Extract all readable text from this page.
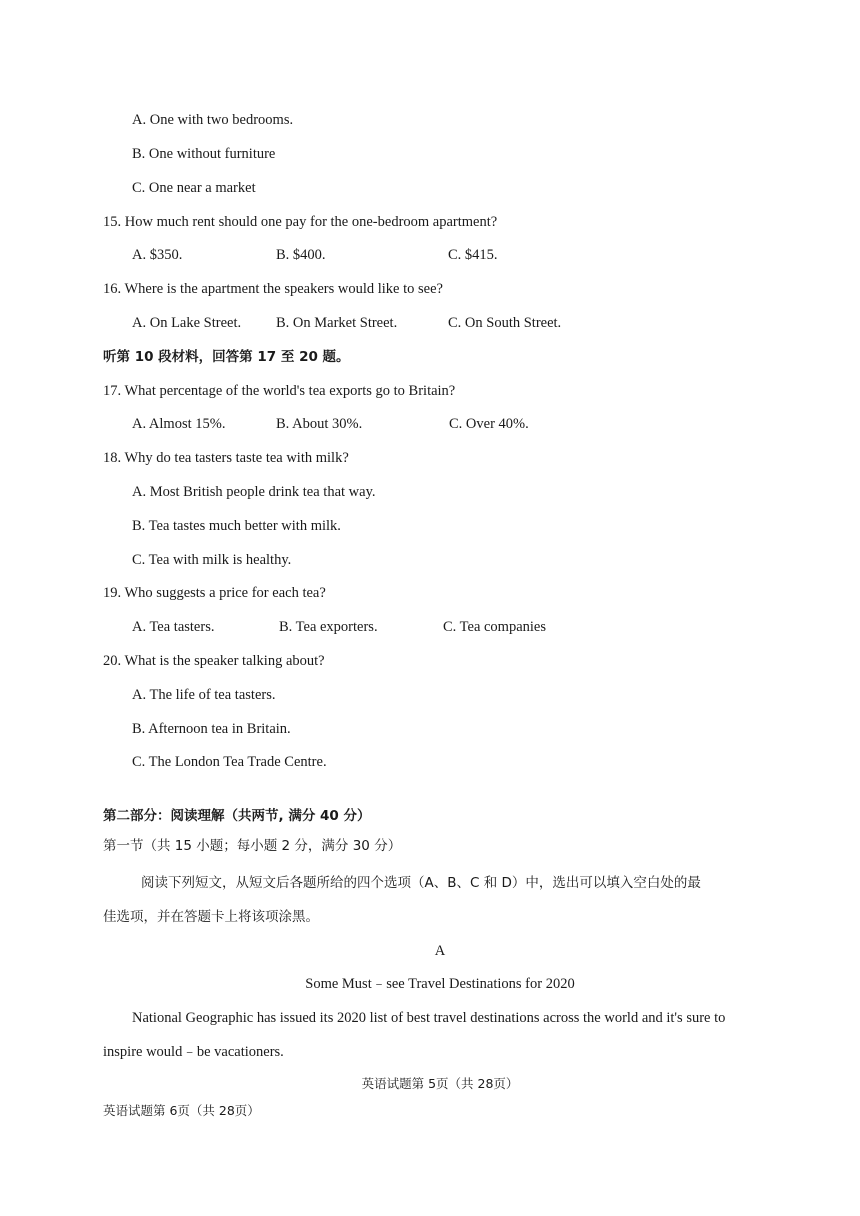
A. One with two bedrooms.
B. One without furniture
C. One near a market
15. How much rent should one pay for the one-bedroom apartment?
A. $350.	B. $400.	C. $415.
16. Where is the apartment the speakers would like to see?
A. On Lake Street. B. On Market Street.	C. On South Street.
听第 10 段材料，回答第 17 至 20 题。
17. What percentage of the world's tea exports go to Britain?
A. Almost 15%.	B. About 30%.	C. Over 40%.
18. Why do tea tasters taste tea with milk?
A. Most British people drink tea that way.
B. Tea tastes much better with milk.
C. Tea with milk is healthy.
19. Who suggests a price for each tea?
A. Tea tasters.	B. Tea exporters.	C. Tea companies
20. What is the speaker talking about?
A. The life of tea tasters.
B. Afternoon tea in Britain.
C. The London Tea Trade Centre.
第二部分：阅读理解（共两节, 满分 40 分）
第一节（共 15 小题；每小题 2 分，满分 30 分）
阅读下列短文，从短文后各题所给的四个选项（A、B、C 和 D）中，选出可以填入空白处的最
佳选项，并在答题卡上将该项涂黑。
A
Some Must﹣see Travel Destinations for 2020
National Geographic has issued its 2020 list of best travel destinations across the world and it's sure to
inspire would﹣be vacationers.
英语试题第 5页（共 28页）
英语试题第 6页（共 28页）
